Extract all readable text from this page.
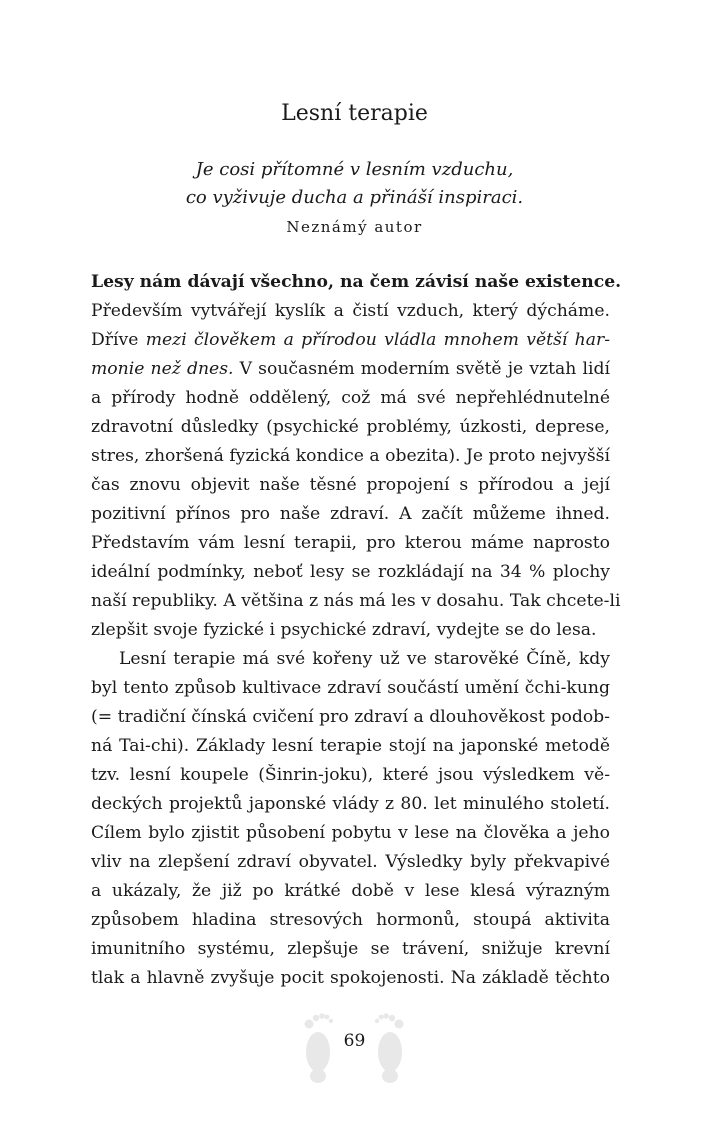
Lesní terapie
Je cosi přítomné v lesním vzduchu,
co vyživuje ducha a přináší inspiraci.
Neznámý autor
Lesy nám dávají všechno, na čem závisí naše existence.
Především vytvářejí kyslík a čistí vzduch, který dýcháme.
Dříve mezi člověkem a přírodou vládla mnohem větší har-
monie než dnes. V současném moderním světě je vztah lidí
a přírody hodně oddělený, což má své nepřehlédnutelné
zdravotní důsledky (psychické problémy, úzkosti, deprese,
stres, zhoršená fyzická kondice a obezita). Je proto nejvyšší
čas znovu objevit naše těsné propojení s přírodou a její
pozitivní přínos pro naše zdraví. A začít můžeme ihned.
Představím vám lesní terapii, pro kterou máme naprosto
ideální podmínky, neboť lesy se rozkládají na 34 % plochy
naší republiky. A většina z nás má les v dosahu. Tak chcete-li
zlepšit svoje fyzické i psychické zdraví, vydejte se do lesa.
Lesní terapie má své kořeny už ve starověké Číně, kdy
byl tento způsob kultivace zdraví součástí umění čchi-kung
(= tradiční čínská cvičení pro zdraví a dlouhověkost podob-
ná Tai-chi). Základy lesní terapie stojí na japonské metodě
tzv. lesní koupele (Šinrin-joku), které jsou výsledkem vě-
deckých projektů japonské vlády z 80. let minulého století.
Cílem bylo zjistit působení pobytu v lese na člověka a jeho
vliv na zlepšení zdraví obyvatel. Výsledky byly překvapivé
a ukázaly, že již po krátké době v lese klesá výrazným
způsobem hladina stresových hormonů, stoupá aktivita
imunitního systému, zlepšuje se trávení, snižuje krevní
tlak a hlavně zvyšuje pocit spokojenosti. Na základě těchto
69
